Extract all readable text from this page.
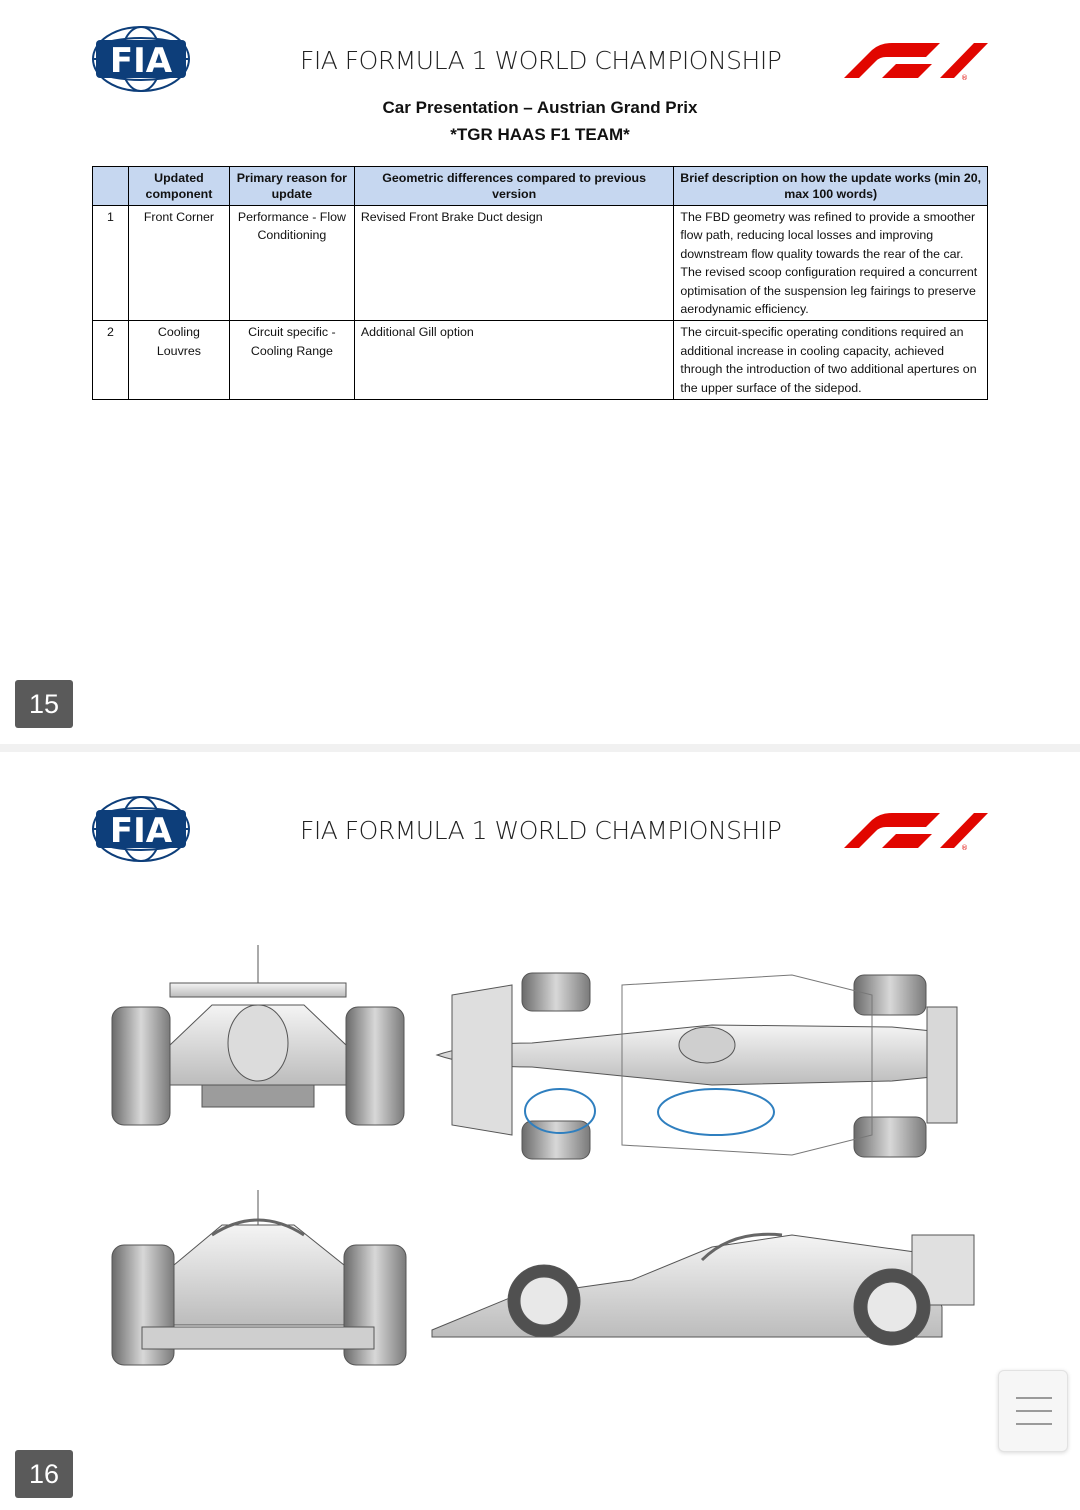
FIA	FIA FORMULA 1 WORLD CHAMPIONSHIP
®
Car Presentation – Austrian Grand Prix
*TGR HAAS F1 TEAM*
	Updated component	Primary reason for update	Geometric differences compared to previous version	Brief description on how the update works (min 20, max 100 words)
1	Front Corner	Performance - Flow Conditioning	Revised Front Brake Duct design	The FBD geometry was refined to provide a smoother flow path, reducing local losses and improving downstream flow quality towards the rear of the car. The revised scoop configuration required a concurrent optimisation of the suspension leg fairings to preserve aerodynamic efficiency.
2	Cooling Louvres	Circuit specific - Cooling Range	Additional Gill option	The circuit-specific operating conditions required an additional increase in cooling capacity, achieved through the introduction of two additional apertures on the upper surface of the sidepod.
15
FIA	FIA FORMULA 1 WORLD CHAMPIONSHIP
®
16
